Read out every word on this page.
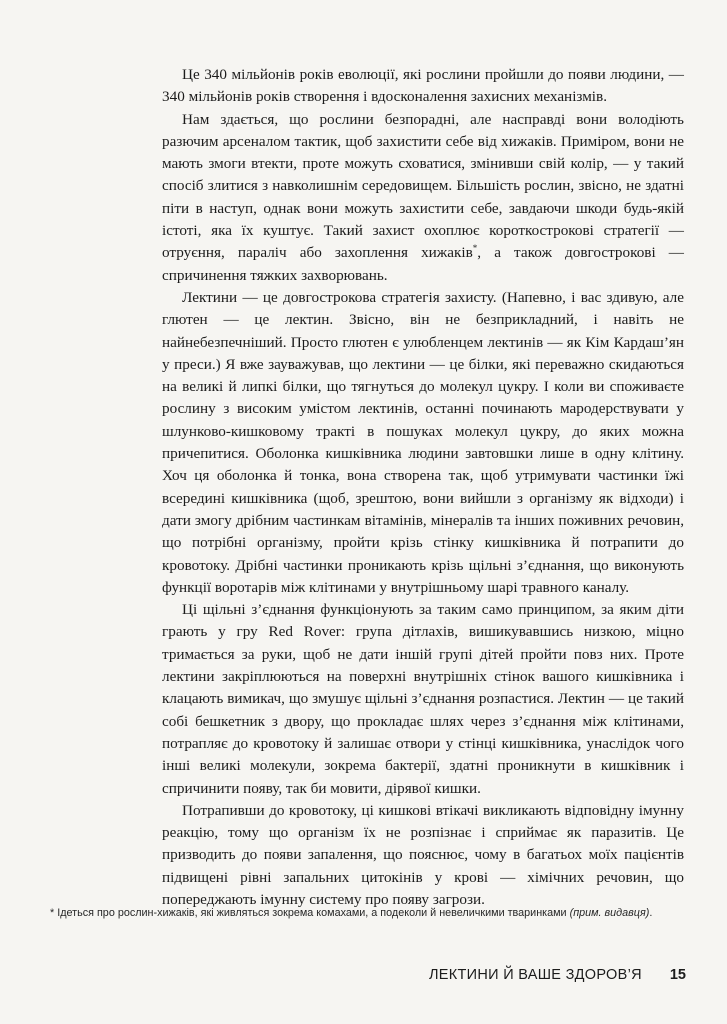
Це 340 мільйонів років еволюції, які рослини пройшли до появи людини, — 340 мільйонів років створення і вдосконалення захисних механізмів.

Нам здається, що рослини безпорадні, але насправді вони володіють разючим арсеналом тактик, щоб захистити себе від хижаків. Приміром, вони не мають змоги втекти, проте можуть сховатися, змінивши свій колір, — у такий спосіб злитися з навколишнім середовищем. Більшість рослин, звісно, не здатні піти в наступ, однак вони можуть захистити себе, завдаючи шкоди будь-якій істоті, яка їх куштує. Такий захист охоплює короткострокові стратегії — отруєння, параліч або захоплення хижаків*, а також довгострокові — спричинення тяжких захворювань.

Лектини — це довгострокова стратегія захисту. (Напевно, і вас здивую, але глютен — це лектин. Звісно, він не безприкладний, і навіть не найнебезпечніший. Просто глютен є улюбленцем лектинів — як Кім Кардаш’ян у преси.) Я вже зауважував, що лектини — це білки, які переважно скидаються на великі й липкі білки, що тягнуться до молекул цукру. І коли ви споживаєте рослину з високим умістом лектинів, останні починають мародерствувати у шлунково-кишковому тракті в пошуках молекул цукру, до яких можна причепитися. Оболонка кишківника людини завтовшки лише в одну клітину. Хоч ця оболонка й тонка, вона створена так, щоб утримувати частинки їжі всередині кишківника (щоб, зрештою, вони вийшли з організму як відходи) і дати змогу дрібним частинкам вітамінів, мінералів та інших поживних речовин, що потрібні організму, пройти крізь стінку кишківника й потрапити до кровотоку. Дрібні частинки проникають крізь щільні з’єднання, що виконують функції воротарів між клітинами у внутрішньому шарі травного каналу.

Ці щільні з’єднання функціонують за таким само принципом, за яким діти грають у гру Red Rover: група дітлахів, вишикувавшись низкою, міцно тримається за руки, щоб не дати іншій групі дітей пройти повз них. Проте лектини закріплюються на поверхні внутрішніх стінок вашого кишківника і клацають вимикач, що змушує щільні з’єднання розпастися. Лектин — це такий собі бешкетник з двору, що прокладає шлях через з’єднання між клітинами, потрапляє до кровотоку й залишає отвори у стінці кишківника, унаслідок чого інші великі молекули, зокрема бактерії, здатні проникнути в кишківник і спричинити появу, так би мовити, дірявої кишки.

Потрапивши до кровотоку, ці кишкові втікачі викликають відповідну імунну реакцію, тому що організм їх не розпізнає і сприймає як паразитів. Це призводить до появи запалення, що пояснює, чому в багатьох моїх пацієнтів підвищені рівні запальних цитокінів у крові — хімічних речовин, що попереджають імунну систему про появу загрози.

* Ідеться про рослин-хижаків, які живляться зокрема комахами, а подеколи й невеличкими тваринками (прим. видавця).

ЛЕКТИНИ Й ВАШЕ ЗДОРОВ’Я 15
